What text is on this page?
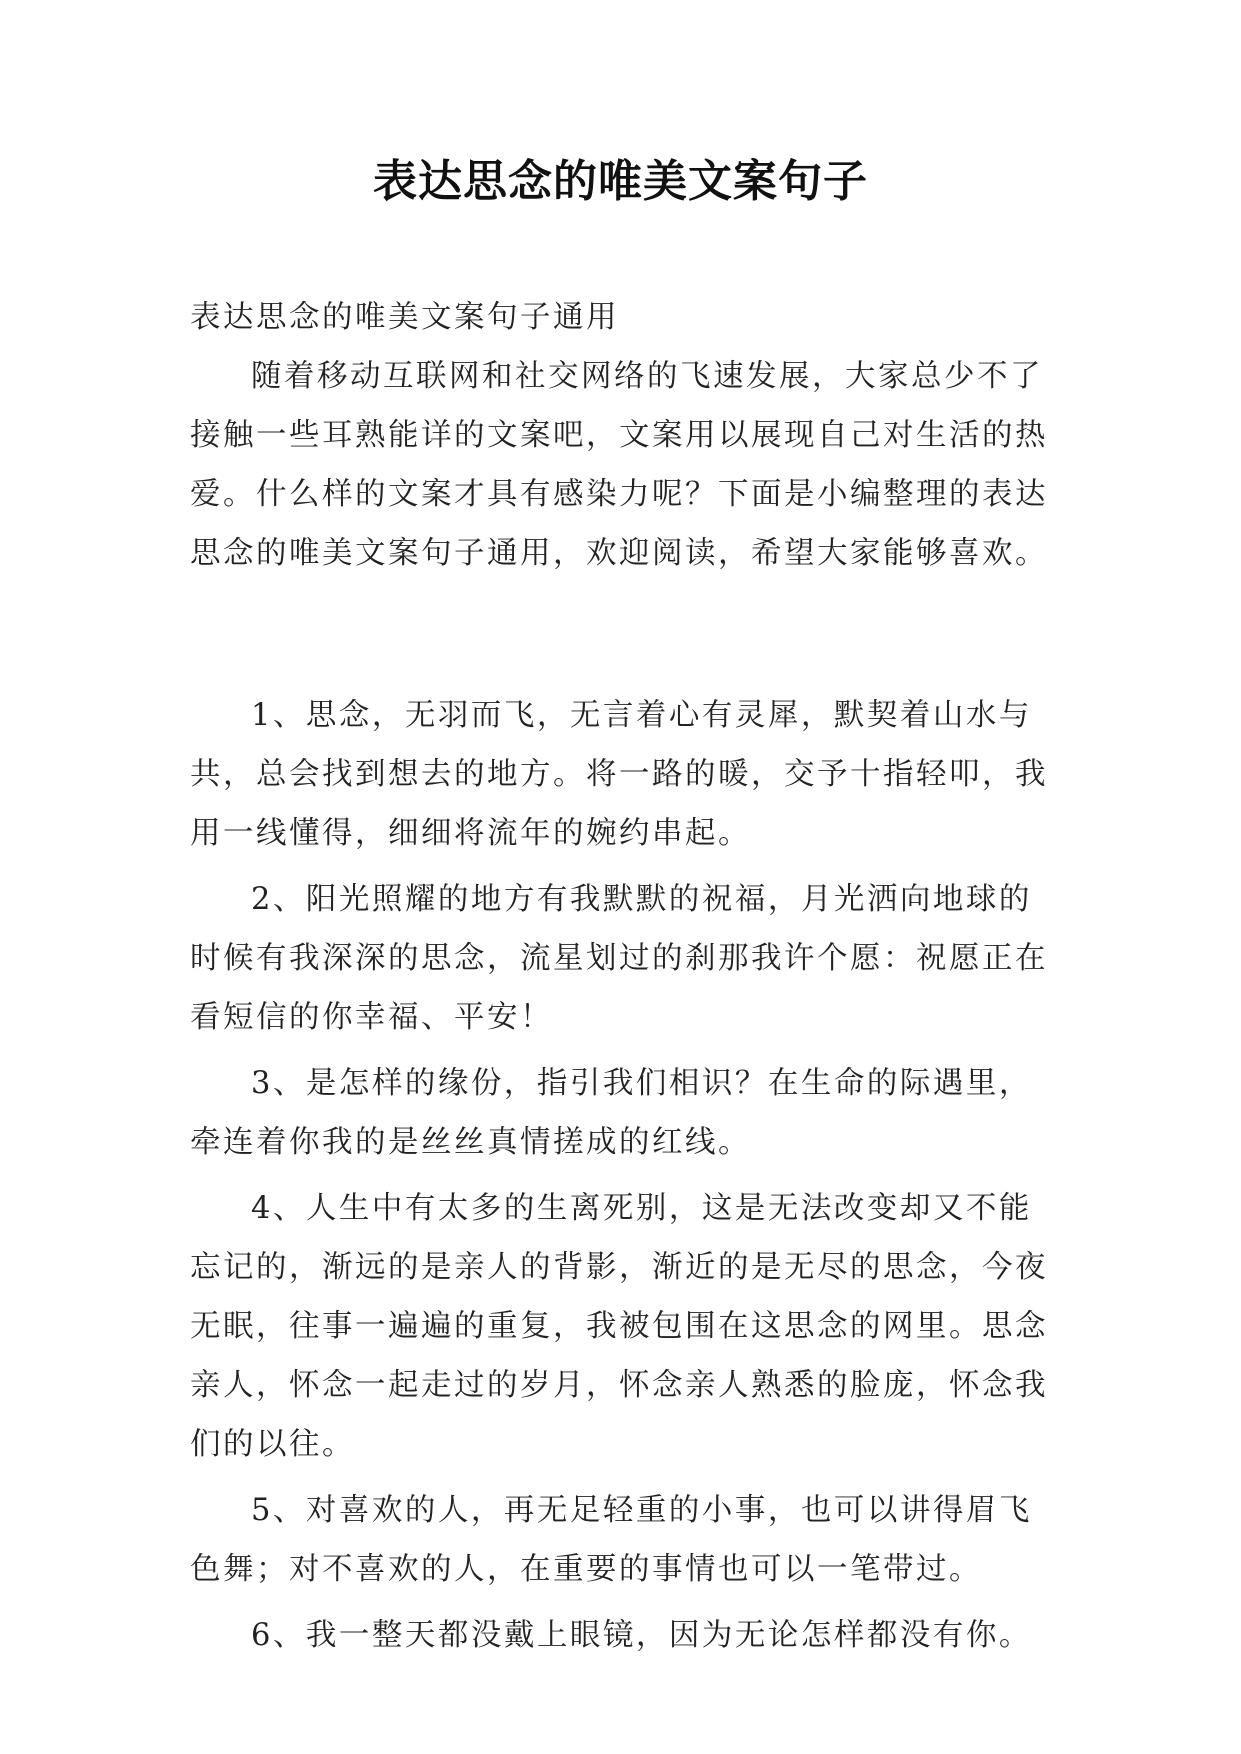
表达思念的唯美文案句子

表达思念的唯美文案句子通用

随着移动互联网和社交网络的飞速发展，大家总少不了接触一些耳熟能详的文案吧，文案用以展现自己对生活的热爱。什么样的文案才具有感染力呢？下面是小编整理的表达思念的唯美文案句子通用，欢迎阅读，希望大家能够喜欢。

1、思念，无羽而飞，无言着心有灵犀，默契着山水与共，总会找到想去的地方。将一路的暖，交予十指轻叩，我用一线懂得，细细将流年的婉约串起。

2、阳光照耀的地方有我默默的祝福，月光洒向地球的时候有我深深的思念，流星划过的刹那我许个愿：祝愿正在看短信的你幸福、平安！

3、是怎样的缘份，指引我们相识？在生命的际遇里，牵连着你我的是丝丝真情搓成的红线。

4、人生中有太多的生离死别，这是无法改变却又不能忘记的，渐远的是亲人的背影，渐近的是无尽的思念，今夜无眠，往事一遍遍的重复，我被包围在这思念的网里。思念亲人，怀念一起走过的岁月，怀念亲人熟悉的脸庞，怀念我们的以往。

5、对喜欢的人，再无足轻重的小事，也可以讲得眉飞色舞；对不喜欢的人，在重要的事情也可以一笔带过。

6、我一整天都没戴上眼镜，因为无论怎样都没有你。
